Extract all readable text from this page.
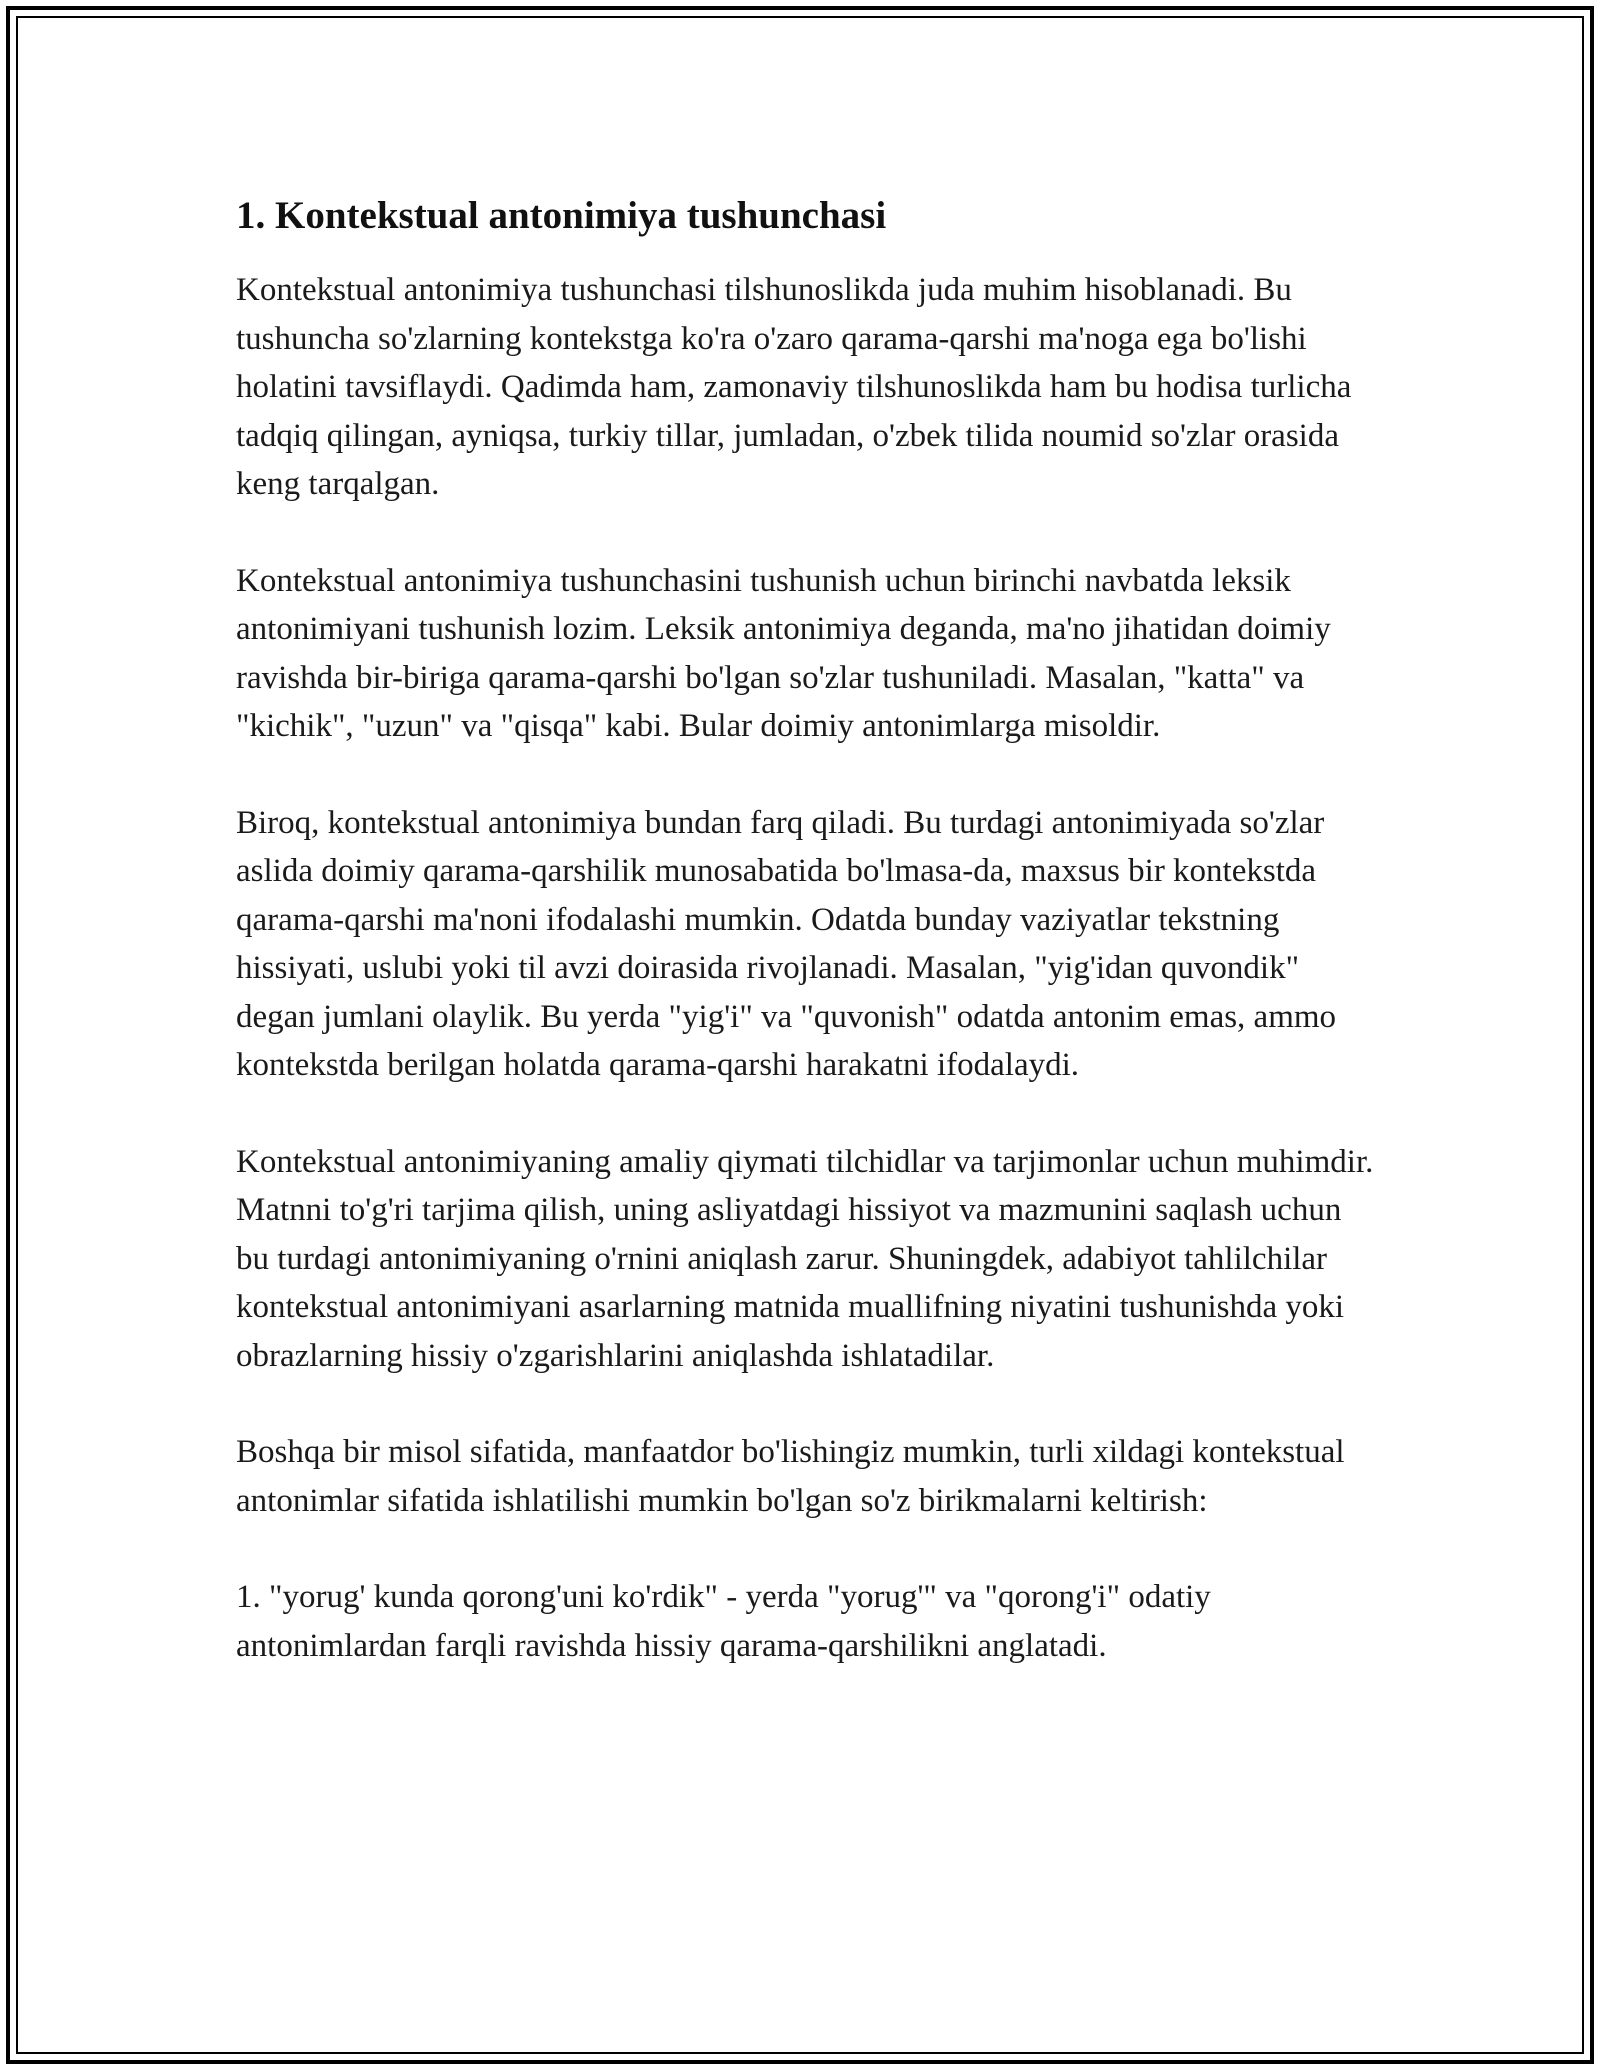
1. Kontekstual antonimiya tushunchasi

Kontekstual antonimiya tushunchasi tilshunoslikda juda muhim hisoblanadi. Bu tushuncha so'zlarning kontekstga ko'ra o'zaro qarama-qarshi ma'noga ega bo'lishi holatini tavsiflaydi. Qadimda ham, zamonaviy tilshunoslikda ham bu hodisa turlicha tadqiq qilingan, ayniqsa, turkiy tillar, jumladan, o'zbek tilida noumid so'zlar orasida keng tarqalgan.

Kontekstual antonimiya tushunchasini tushunish uchun birinchi navbatda leksik antonimiyani tushunish lozim. Leksik antonimiya deganda, ma'no jihatidan doimiy ravishda bir-biriga qarama-qarshi bo'lgan so'zlar tushuniladi. Masalan, "katta" va "kichik", "uzun" va "qisqa" kabi. Bular doimiy antonimlarga misoldir.

Biroq, kontekstual antonimiya bundan farq qiladi. Bu turdagi antonimiyada so'zlar aslida doimiy qarama-qarshilik munosabatida bo'lmasa-da, maxsus bir kontekstda qarama-qarshi ma'noni ifodalashi mumkin. Odatda bunday vaziyatlar tekstning hissiyati, uslubi yoki til avzi doirasida rivojlanadi. Masalan, "yig'idan quvondik" degan jumlani olaylik. Bu yerda "yig'i" va "quvonish" odatda antonim emas, ammo kontekstda berilgan holatda qarama-qarshi harakatni ifodalaydi.

Kontekstual antonimiyaning amaliy qiymati tilchidlar va tarjimonlar uchun muhimdir. Matnni to'g'ri tarjima qilish, uning asliyatdagi hissiyot va mazmunini saqlash uchun bu turdagi antonimiyaning o'rnini aniqlash zarur. Shuningdek, adabiyot tahlilchilar kontekstual antonimiyani asarlarning matnida muallifning niyatini tushunishda yoki obrazlarning hissiy o'zgarishlarini aniqlashda ishlatadilar.

Boshqa bir misol sifatida, manfaatdor bo'lishingiz mumkin, turli xildagi kontekstual antonimlar sifatida ishlatilishi mumkin bo'lgan so'z birikmalarni keltirish:

1. "yorug' kunda qorong'uni ko'rdik" - yerda "yorug'" va "qorong'i" odatiy antonimlardan farqli ravishda hissiy qarama-qarshilikni anglatadi.
